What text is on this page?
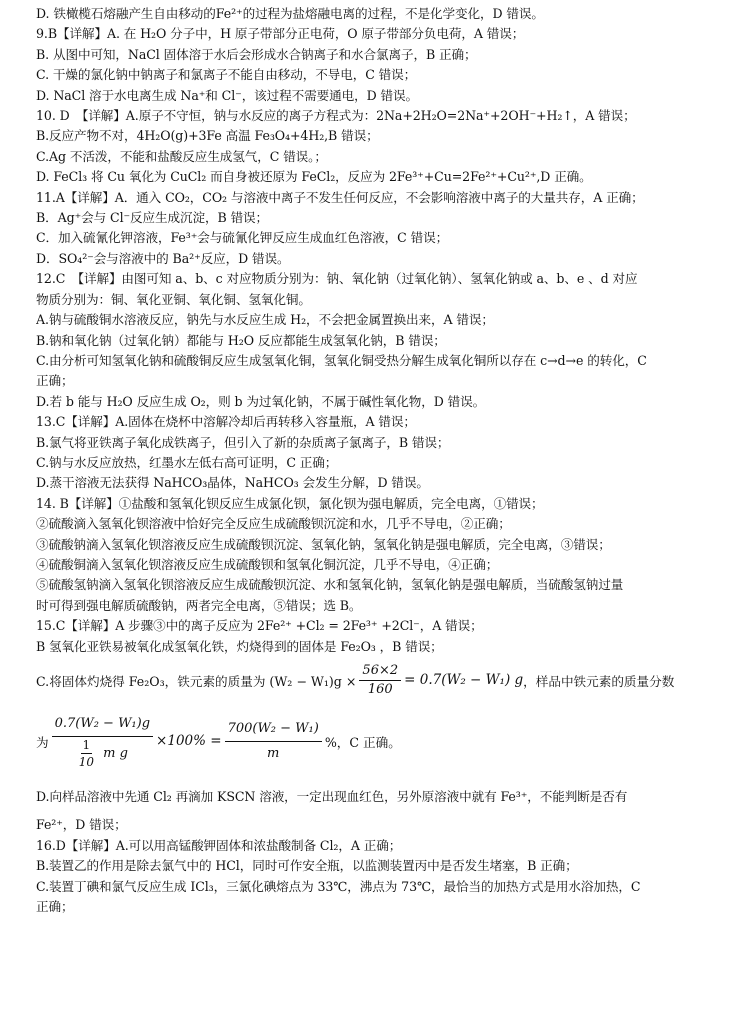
D. 铁橄榄石熔融产生自由移动的Fe²⁺的过程为盐熔融电离的过程，不是化学变化，D 错误。
9.B【详解】A. 在 H₂O 分子中，H 原子带部分正电荷，O 原子带部分负电荷，A 错误；
B. 从图中可知，NaCl 固体溶于水后会形成水合钠离子和水合氯离子，B 正确；
C. 干燥的氯化钠中钠离子和氯离子不能自由移动，不导电，C 错误；
D. NaCl 溶于水电离生成 Na⁺和 Cl⁻，该过程不需要通电，D 错误。
10. D　【详解】A.原子不守恒，钠与水反应的离子方程式为：2Na+2H₂O=2Na⁺+2OH⁻+H₂↑，A 错误；
B.反应产物不对，4H₂O(g)+3Fe 高温 Fe₃O₄+4H₂,B 错误；
C.Ag 不活泼，不能和盐酸反应生成氢气，C 错误。；
D. FeCl₃ 将 Cu 氧化为 CuCl₂ 而自身被还原为 FeCl₂，反应为 2Fe³⁺+Cu=2Fe²⁺+Cu²⁺,D 正确。
11.A【详解】A．通入 CO₂，CO₂ 与溶液中离子不发生任何反应，不会影响溶液中离子的大量共存，A 正确；
B．Ag⁺会与 Cl⁻反应生成沉淀，B 错误；
C．加入硫氰化钾溶液，Fe³⁺会与硫氰化钾反应生成血红色溶液，C 错误；
D．SO₄²⁻会与溶液中的 Ba²⁺反应，D 错误。
12.C　【详解】由图可知 a、b、c 对应物质分别为：钠、氧化钠（过氧化钠）、氢氧化钠或 a、b、e 、d 对应
物质分别为：铜、氧化亚铜、氧化铜、氢氧化铜。
A.钠与硫酸铜水溶液反应，钠先与水反应生成 H₂，不会把金属置换出来，A 错误；
B.钠和氧化钠（过氧化钠）都能与 H₂O 反应都能生成氢氧化钠，B 错误；
C.由分析可知氢氧化钠和硫酸铜反应生成氢氧化铜，氢氧化铜受热分解生成氧化铜所以存在 c→d→e 的转化，C
正确；
D.若 b 能与 H₂O 反应生成 O₂，则 b 为过氧化钠，不属于碱性氧化物，D 错误。
13.C【详解】A.固体在烧杯中溶解冷却后再转移入容量瓶，A 错误；
B.氯气将亚铁离子氧化成铁离子，但引入了新的杂质离子氯离子，B 错误；
C.钠与水反应放热，红墨水左低右高可证明，C 正确；
D.蒸干溶液无法获得 NaHCO₃晶体，NaHCO₃ 会发生分解，D 错误。
14. B【详解】①盐酸和氢氧化钡反应生成氯化钡，氯化钡为强电解质，完全电离，①错误；
②硫酸滴入氢氧化钡溶液中恰好完全反应生成硫酸钡沉淀和水，几乎不导电，②正确；
③硫酸钠滴入氢氧化钡溶液反应生成硫酸钡沉淀、氢氧化钠，氢氧化钠是强电解质，完全电离，③错误；
④硫酸铜滴入氢氧化钡溶液反应生成硫酸钡和氢氧化铜沉淀，几乎不导电，④正确；
⑤硫酸氢钠滴入氢氧化钡溶液反应生成硫酸钡沉淀、水和氢氧化钠，氢氧化钠是强电解质，当硫酸氢钠过量
时可得到强电解质硫酸钠，两者完全电离，⑤错误；选 B。
15.C【详解】A 步骤③中的离子反应为 2Fe²⁺ +Cl₂ = 2Fe³⁺ +2Cl⁻，A 错误；
B 氢氧化亚铁易被氧化成氢氧化铁，灼烧得到的固体是 Fe₂O₃ ，B 错误；
C.将固体灼烧得 Fe₂O₃，铁元素的质量为 $(W_2 - W_1)g \times \frac{56\times 2}{160} = 0.7(W_2 - W_1)$ g ，样品中铁元素的质量分数
为 $\frac{\text{0.7(W₂ − W₁)g}}{\frac{1}{10} m g} \times 100\% = \frac{\text{700(W₂ − W₁)}}{m}$ %，C 正确。
D.向样品溶液中先通 Cl₂ 再滴加 KSCN 溶液，一定出现血红色，另外原溶液中就有 Fe³⁺，不能判断是否有
Fe²⁺，D 错误；
16.D【详解】A.可以用高锰酸钾固体和浓盐酸制备 Cl₂，A 正确；
B.装置乙的作用是除去氯气中的 HCl，同时可作安全瓶，以监测装置丙中是否发生堵塞，B 正确；
C.装置丁碘和氯气反应生成 ICl₃，三氯化碘熔点为 33℃，沸点为 73℃，最恰当的加热方式是用水浴加热，C
正确；
